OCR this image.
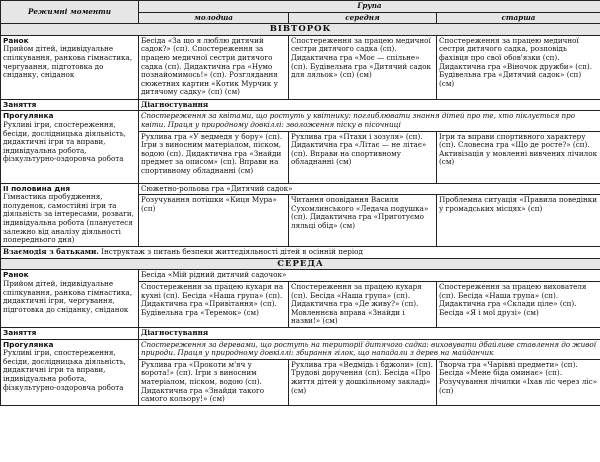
Режимні моменти	Група		
	молодша	середня	старша
ВІВТОРОК			

Ранок
Прийом дітей, індивідуальне спілкування, ранкова гімнастика, чергування, підготовка до сніданку, сніданок	Бесіда «За що я люблю дитячий садок?» (сп). Спостереження за працею медичної сестри дитячого садка (сп). Дидактична гра «Нумо познайомимось!» (сп). Розглядання сюжетних картин «Котик Мурчик у дитячому садку» (сп) (см)	Спостереження за працею медичної сестри дитячого садка (сп). Дидактична гра «Моє — спільне» (сп). Будівельна гра «Дитячий садок для ляльок» (сп) (см)	Спостереження за працею медичної сестри дитячого садка, розповідь фахівця про свої обов'язки (сп). Дидактична гра «Віночок дружби» (сп). Будівельна гра «Дитячий садок» (сп) (см)

Заняття	Діагностування		

Прогулянка
Рухливі ігри, спостереження, бесіди, дослідницька діяльність, дидактичні ігри та вправи, індивідуальна робота, фізкультурно-оздоровча робота	Спостереження за квітами, що ростуть у квітнику: поглиблювати знання дітей про те, хто піклується про квіти. Праця у природному довкіллі: зволоження піску в пісочниці		
	Рухлива гра «У ведмедя у бору» (сп). Ігри з виносним матеріалом, піском, водою (сп). Дидактична гра «Знайди предмет за описом» (сп). Вправи на спортивному обладнанні (см)	Рухлива гра «Птахи і зозуля» (сп). Дидактична гра «Літає — не літає» (сп). Вправи на спортивному обладнанні (см)	Ігри та вправи спортивного характеру (сп). Словесна гра «Що де росте?» (сп). Активізація у мовленні вивчених лічилок (см)

II половина дня
Гімнастика пробудження, полуденок, самостійні ігри та діяльність за інтересами, розваги, індивідуальна робота (плануєтеся залежно від аналізу діяльності попереднього дня)	Сюжетно-рольова гра «Дитячий садок»		
	Розучування потішки «Киця Мура» (сп)	Читання оповідання Василя Сухомлинського «Ледача подушка» (сп). Дидактична гра «Приготуємо ляльці обід» (см)	Проблемна ситуація «Правила поведінки у громадських місцях» (сп)
Взаємодія з батьками. Інструктаж з питань безпеки життєдіяльності дітей в осінній період			
СЕРЕДА			

Ранок
Прийом дітей, індивідуальне спілкування, ранкова гімнастика, дидактичні ігри, чергування, підготовка до сніданку, сніданок	Бесіда «Мій рідний дитячий садочок»		
	Спостереження за працею кухаря на кухні (сп). Бесіда «Наша група» (сп). Дидактична гра «Привітання» (сп). Будівельна гра «Теремок» (см)	Спостереження за працею кухаря (сп). Бесіда «Наша група» (сп). Дидактична гра «Де живу?» (сп). Мовленнєва вправа «Знайди і назви!» (см)	Спостереження за працею вихователя (сп). Бесіда «Наша група» (сп). Дидактична гра «Склади ціле» (сп). Бесіда «Я і мої друзі» (см)

Заняття	Діагностування		

Прогулянка
Рухливі ігри, спостереження, бесіди, дослідницька діяльність, дидактичні ігри та вправи, індивідуальна робота, фізкультурно-оздоровча робота	Спостереження за деревами, що ростуть на території дитячого садка: виховувати дбайливе ставлення до живої природи. Праця у природному довкіллі: збирання гілок, що нападали з дерев на майданчик		
	Рухлива гра «Прокоти м'яч у ворота!» (сп). Ігри з виносним матеріалом, піском, водою (сп). Дидактична гра «Знайди такого самого кольору!» (см)	Рухлива гра «Ведмідь і бджоли» (сп). Трудові доручення (сп). Бесіда «Про життя дітей у дошкільному закладі» (см)	Творча гра «Чарівні предмети» (сп). Бесіда «Мене біда оминає» (сп). Розучування лічилки «Іхав ліс через ліс» (сп)
